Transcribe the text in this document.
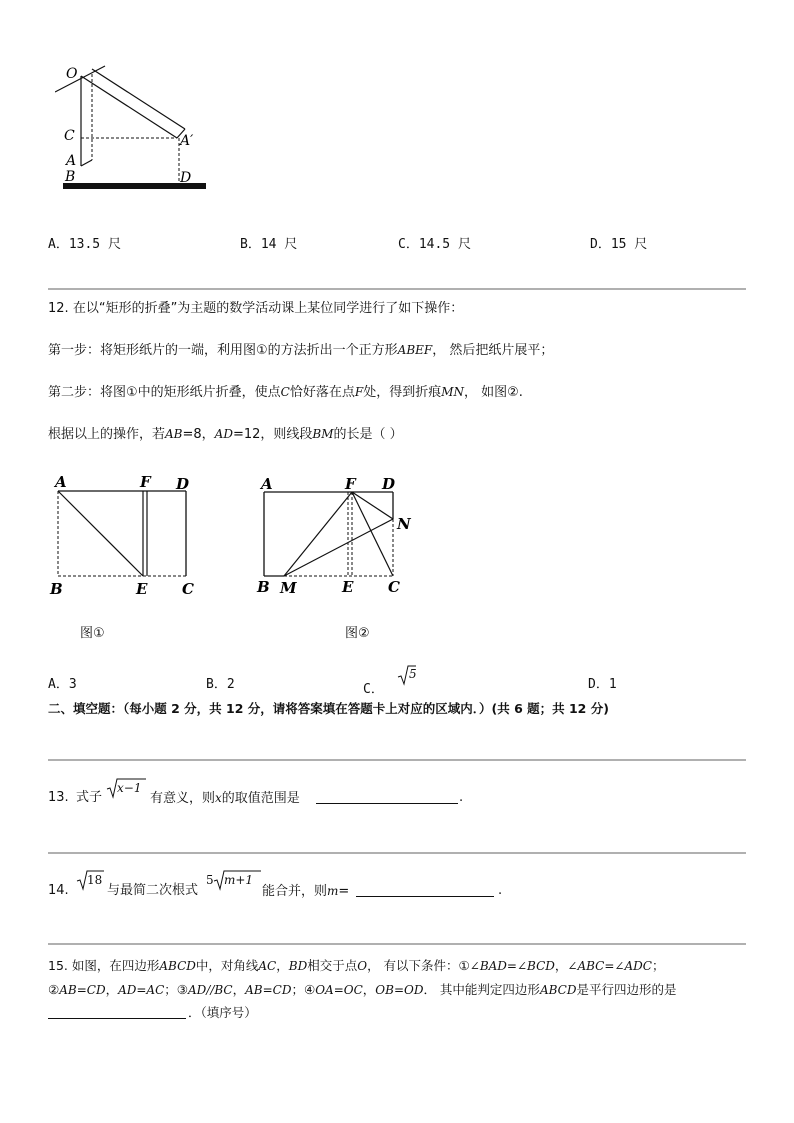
O
C
A
B
A′
D
A．13.5 尺	B．14 尺	C．14.5 尺	D．15 尺
12. 在以“矩形的折叠”为主题的数学活动课上某位同学进行了如下操作：
第一步：将矩形纸片的一端，利用图①的方法折出一个正方形ABEF， 然后把纸片展平；
第二步：将图①中的矩形纸片折叠，使点C恰好落在点F处，得到折痕MN， 如图②.
根据以上的操作，若AB=8，AD=12，则线段BM的长是（ ）
A	F D
B	E C
A	F D
N
B M	E C
图①	图②
A．3	B．2	C．
5
D．1
二、填空题：（每小题 2 分，共 12 分，请将答案填在答题卡上对应的区域内．）(共 6 题；共 12 分)
13. 式子
x−1
有意义，则x的取值范围是	.
14.
18
与最简二次根式
5 m+1
能合并，则m=	.
15. 如图，在四边形ABCD中，对角线AC，BD相交于点O， 有以下条件：①∠BAD=∠BCD，∠ABC=∠ADC；
②AB=CD，AD=AC；③AD//BC，AB=CD；④OA=OC，OB=OD． 其中能判定四边形ABCD是平行四边形的是
．（填序号）
